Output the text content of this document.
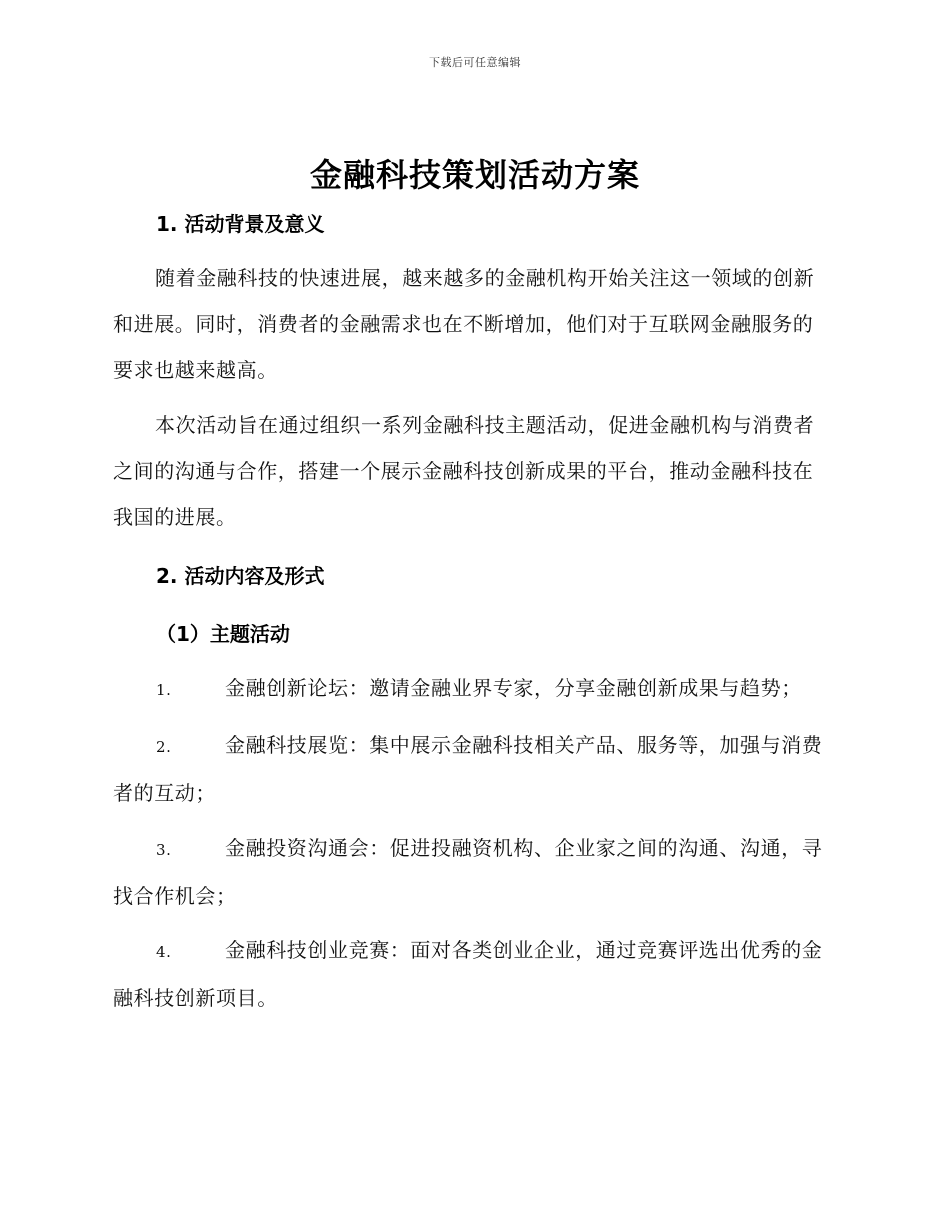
下载后可任意编辑
金融科技策划活动方案
1. 活动背景及意义

随着金融科技的快速进展，越来越多的金融机构开始关注这一领域的创新和进展。同时，消费者的金融需求也在不断增加，他们对于互联网金融服务的要求也越来越高。

本次活动旨在通过组织一系列金融科技主题活动，促进金融机构与消费者之间的沟通与合作，搭建一个展示金融科技创新成果的平台，推动金融科技在我国的进展。

2. 活动内容及形式
（1）主题活动

1.	金融创新论坛：邀请金融业界专家，分享金融创新成果与趋势；

2.	金融科技展览：集中展示金融科技相关产品、服务等，加强与消费者的互动；

3.	金融投资沟通会：促进投融资机构、企业家之间的沟通、沟通，寻找合作机会；

4.	金融科技创业竞赛：面对各类创业企业，通过竞赛评选出优秀的金融科技创新项目。
